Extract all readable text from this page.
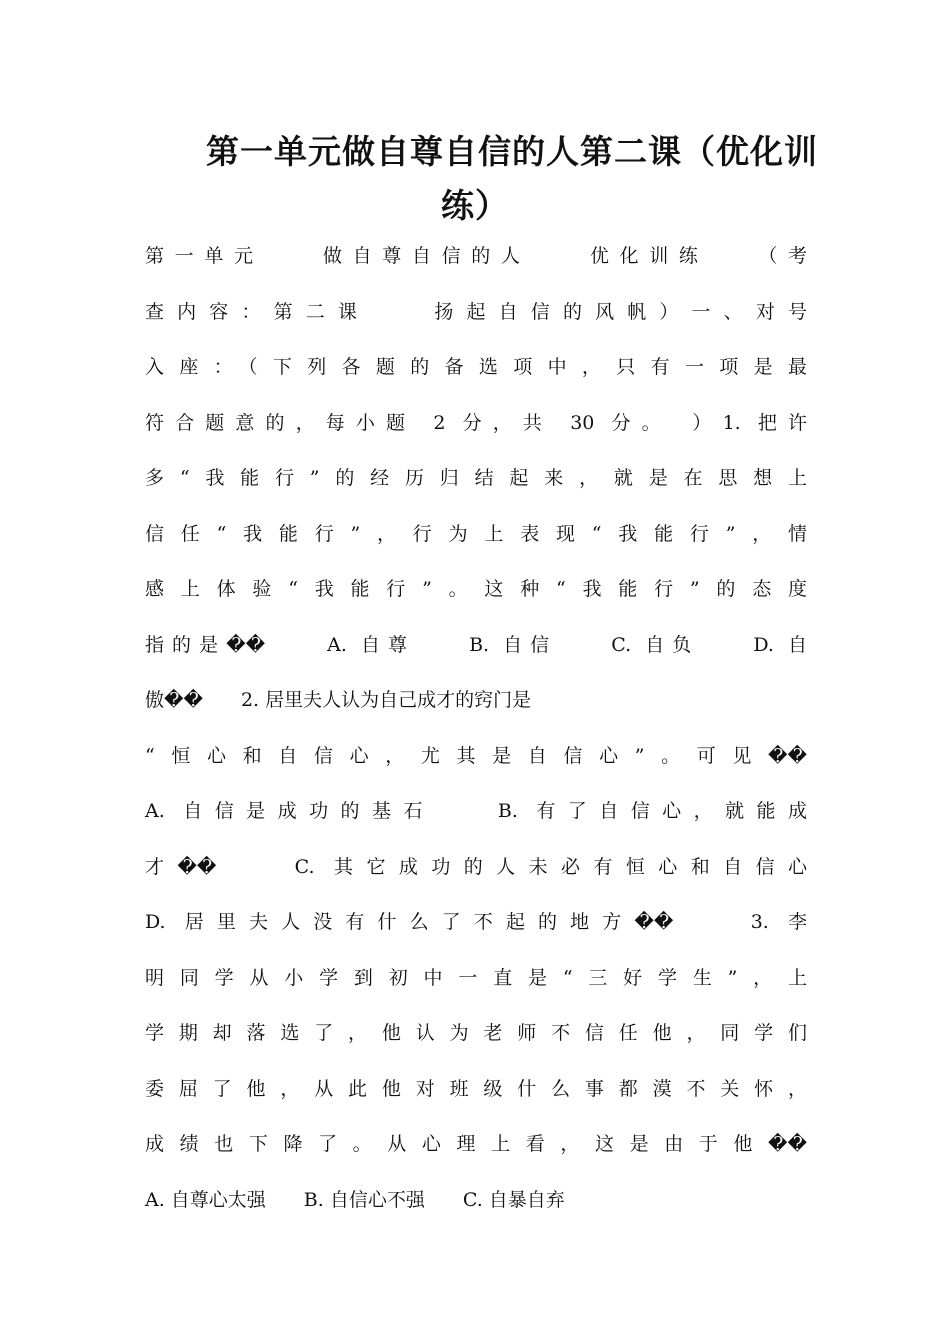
第一单元做自尊自信的人第二课（优化训
练）
第一单元　　做自尊自信的人　　优化训练　　（考
查内容：第二课　　扬起自信的风帆）一、对号
入座：（下列各题的备选项中，只有一项是最
符合题意的，每小题 2 分，共 30 分。　）1. 把许
多“我能行”的经历归结起来，就是在思想上
信任“我能行”，行为上表现“我能行”，情
感上体验“我能行”。这种“我能行”的态度
指的是��　　A. 自尊　　B. 自信　　C. 自负　　D. 自
傲��　　2. 居里夫人认为自己成才的窍门是
“恒心和自信心，尤其是自信心”。可见��
A. 自信是成功的基石　　B. 有了自信心，就能成
才��　　C. 其它成功的人未必有恒心和自信心
D. 居里夫人没有什么了不起的地方��　　3. 李
明同学从小学到初中一直是“三好学生”，上
学期却落选了，他认为老师不信任他，同学们
委屈了他，从此他对班级什么事都漠不关怀，
成绩也下降了。从心理上看，这是由于他��
A. 自尊心太强　　B. 自信心不强　　C. 自暴自弃
